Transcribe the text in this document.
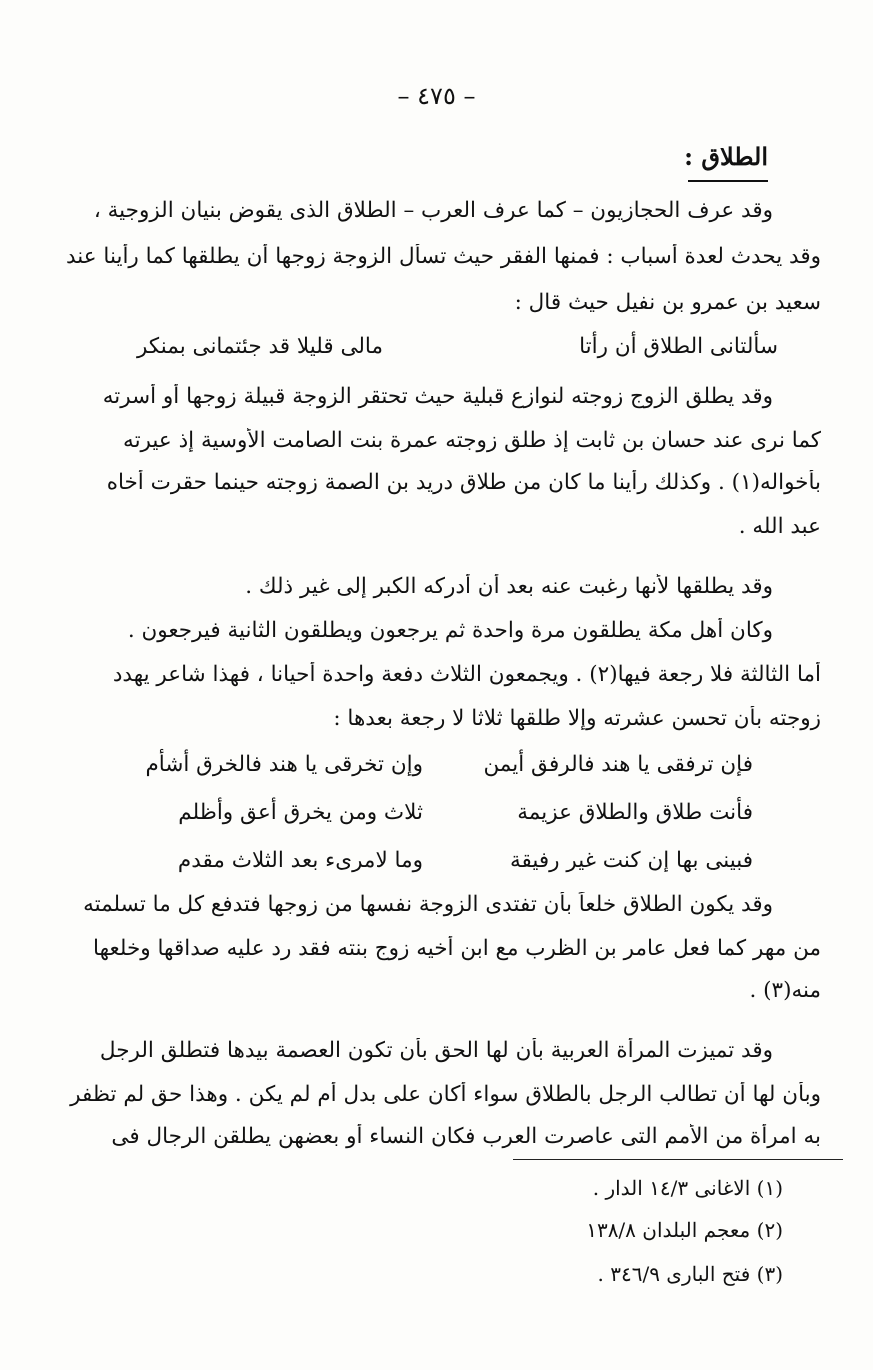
– ٤٧٥ –
الطلاق :
وقد عرف الحجازيون – كما عرف العرب – الطلاق الذى يقوض بنيان الزوجية ،
وقد يحدث لعدة أسباب : فمنها الفقر حيث تسأل الزوجة زوجها أن يطلقها كما رأينا عند
سعيد بن عمرو بن نفيل حيث قال :
سألتانى الطلاق أن رأتا
مالى قليلا قد جئتمانى بمنكر
وقد يطلق الزوج زوجته لنوازع قبلية حيث تحتقر الزوجة قبيلة زوجها أو أسرته
كما نرى عند حسان بن ثابت إذ طلق زوجته عمرة بنت الصامت الأوسية إذ عيرته
بأخواله(١) . وكذلك رأينا ما كان من طلاق دريد بن الصمة زوجته حينما حقرت أخاه
عبد الله .
وقد يطلقها لأنها رغبت عنه بعد أن أدركه الكبر إلى غير ذلك .
وكان أهل مكة يطلقون مرة واحدة ثم يرجعون ويطلقون الثانية فيرجعون .
أما الثالثة فلا رجعة فيها(٢) . ويجمعون الثلاث دفعة واحدة أحيانا ، فهذا شاعر يهدد
زوجته بأن تحسن عشرته وإلا طلقها ثلاثا لا رجعة بعدها :
فإن ترفقى يا هند فالرفق أيمن
وإن تخرقى يا هند فالخرق أشأم
فأنت طلاق والطلاق عزيمة
ثلاث ومن يخرق أعق وأظلم
فبينى بها إن كنت غير رفيقة
وما لامرىء بعد الثلاث مقدم
وقد يكون الطلاق خلعاً بأن تفتدى الزوجة نفسها من زوجها فتدفع كل ما تسلمته
من مهر كما فعل عامر بن الظرب مع ابن أخيه زوج بنته فقد رد عليه صداقها وخلعها
منه(٣) .
وقد تميزت المرأة العربية بأن لها الحق بأن تكون العصمة بيدها فتطلق الرجل
وبأن لها أن تطالب الرجل بالطلاق سواء أكان على بدل أم لم يكن . وهذا حق لم تظفر
به امرأة من الأمم التى عاصرت العرب فكان النساء أو بعضهن يطلقن الرجال فى
(١) الاغانى ١٤/٣ الدار .
(٢) معجم البلدان ١٣٨/٨
(٣) فتح البارى ٣٤٦/٩ .
